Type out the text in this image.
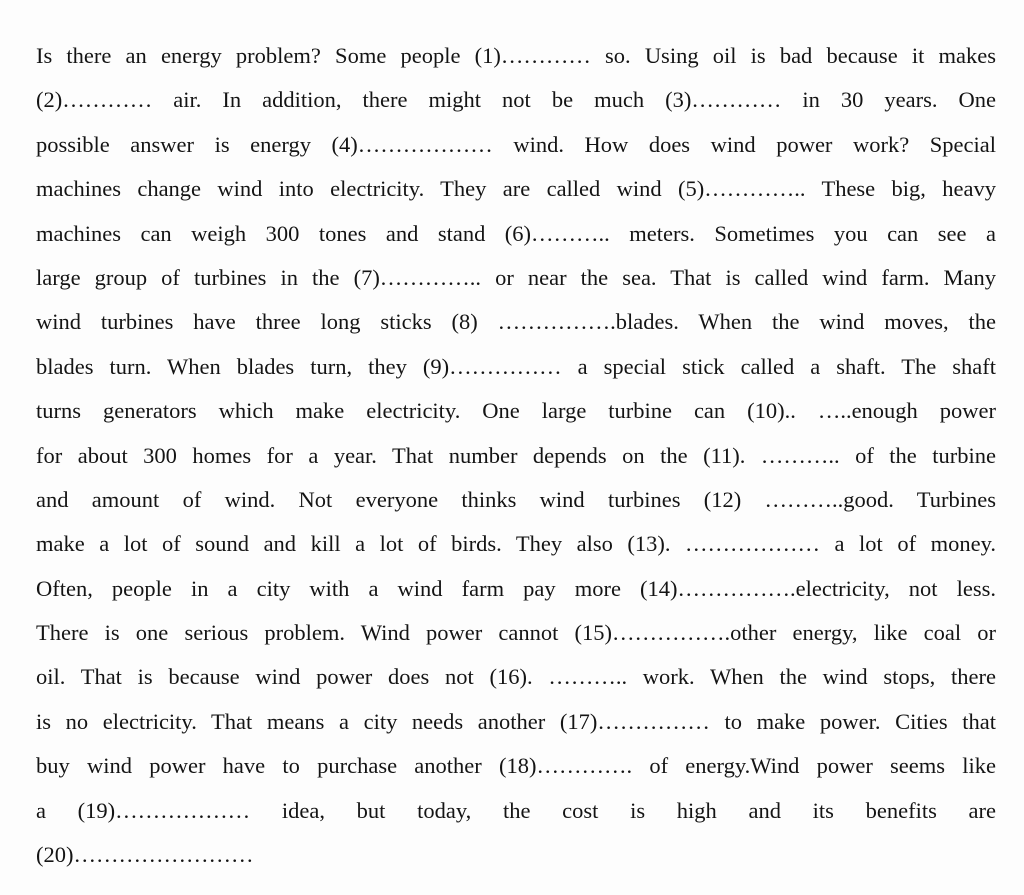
Is there an energy problem? Some people (1)………… so. Using oil is bad because it makes
(2)………… air. In addition, there might not be much (3)………… in 30 years. One
possible answer is energy (4)……………… wind. How does wind power work? Special
machines change wind into electricity. They are called wind (5)………….. These big, heavy
machines can weigh 300 tones and stand (6)……….. meters. Sometimes you can see a
large group of turbines in the (7)………….. or near the sea. That is called wind farm. Many
wind turbines have three long sticks (8) …………….blades. When the wind moves, the
blades turn. When blades turn, they (9)…………… a special stick called a shaft. The shaft
turns generators which make electricity. One large turbine can (10).. …..enough power
for about 300 homes for a year. That number depends on the (11). ……….. of the turbine
and amount of wind. Not everyone thinks wind turbines (12) ………..good. Turbines
make a lot of sound and kill a lot of birds. They also (13). ……………… a lot of money.
Often, people in a city with a wind farm pay more (14)…………….electricity, not less.
There is one serious problem. Wind power cannot (15)…………….other energy, like coal or
oil. That is because wind power does not (16). ……….. work. When the wind stops, there
is no electricity. That means a city needs another (17)…………… to make power. Cities that
buy wind power have to purchase another (18)…………. of energy.Wind power seems like
a (19)……………… idea, but today, the cost is high and its benefits are
(20)……………………
